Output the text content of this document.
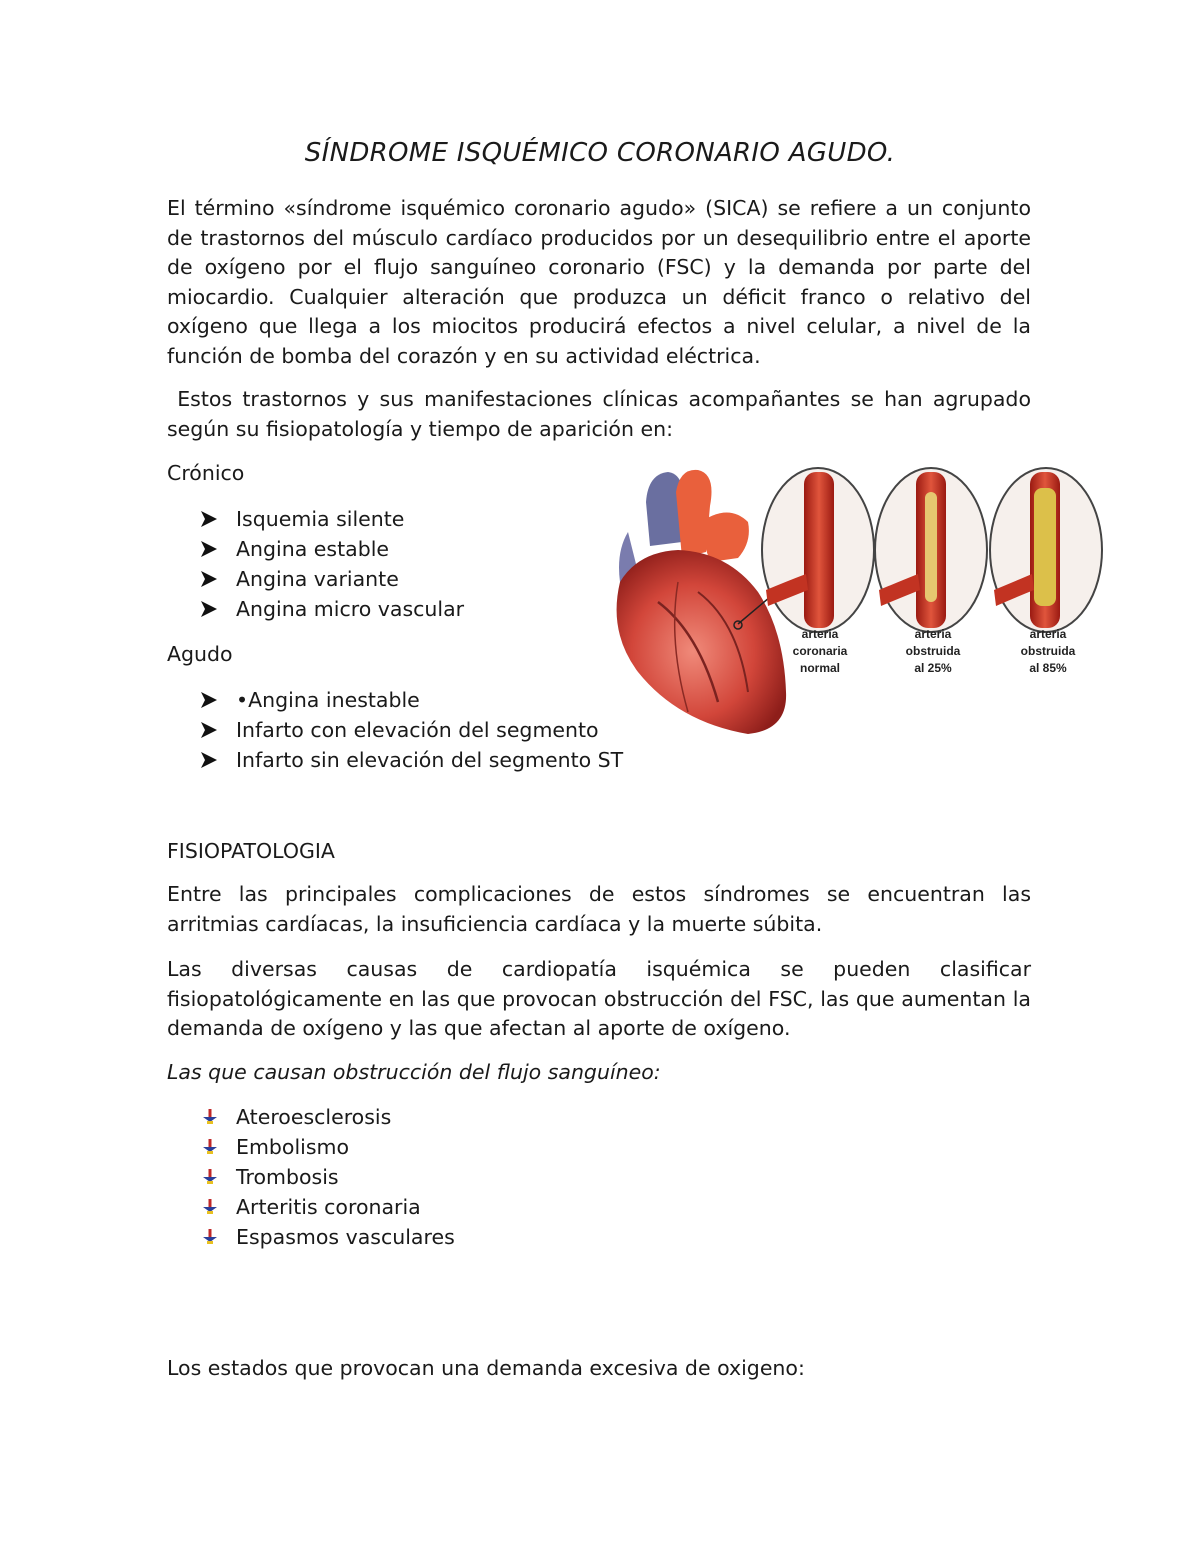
SÍNDROME ISQUÉMICO CORONARIO AGUDO.

El término «síndrome isquémico coronario agudo» (SICA) se refiere a un conjunto de trastornos del músculo cardíaco producidos por un desequilibrio entre el aporte de oxígeno por el flujo sanguíneo coronario (FSC) y la demanda por parte del miocardio. Cualquier alteración que produzca un déficit franco o relativo del oxígeno que llega a los miocitos producirá efectos a nivel celular, a nivel de la función de bomba del corazón y en su actividad eléctrica.

Estos trastornos y sus manifestaciones clínicas acompañantes se han agrupado según su fisiopatología y tiempo de aparición en:

Crónico

Isquemia silente
Angina estable
Angina variante
Angina micro vascular

Agudo

•Angina inestable
Infarto con elevación del segmento
Infarto sin elevación del segmento ST
arteria
coronaria
normal
arteria
obstruida
al 25%
arteria
obstruida
al 85%

FISIOPATOLOGIA

Entre las principales complicaciones de estos síndromes se encuentran las arritmias cardíacas, la insuficiencia cardíaca y la muerte súbita.

Las diversas causas de cardiopatía isquémica se pueden clasificar fisiopatológicamente en las que provocan obstrucción del FSC, las que aumentan la demanda de oxígeno y las que afectan al aporte de oxígeno.

Las que causan obstrucción del flujo sanguíneo:

Ateroesclerosis
Embolismo
Trombosis
Arteritis coronaria
Espasmos vasculares

Los estados que provocan una demanda excesiva de oxigeno:
